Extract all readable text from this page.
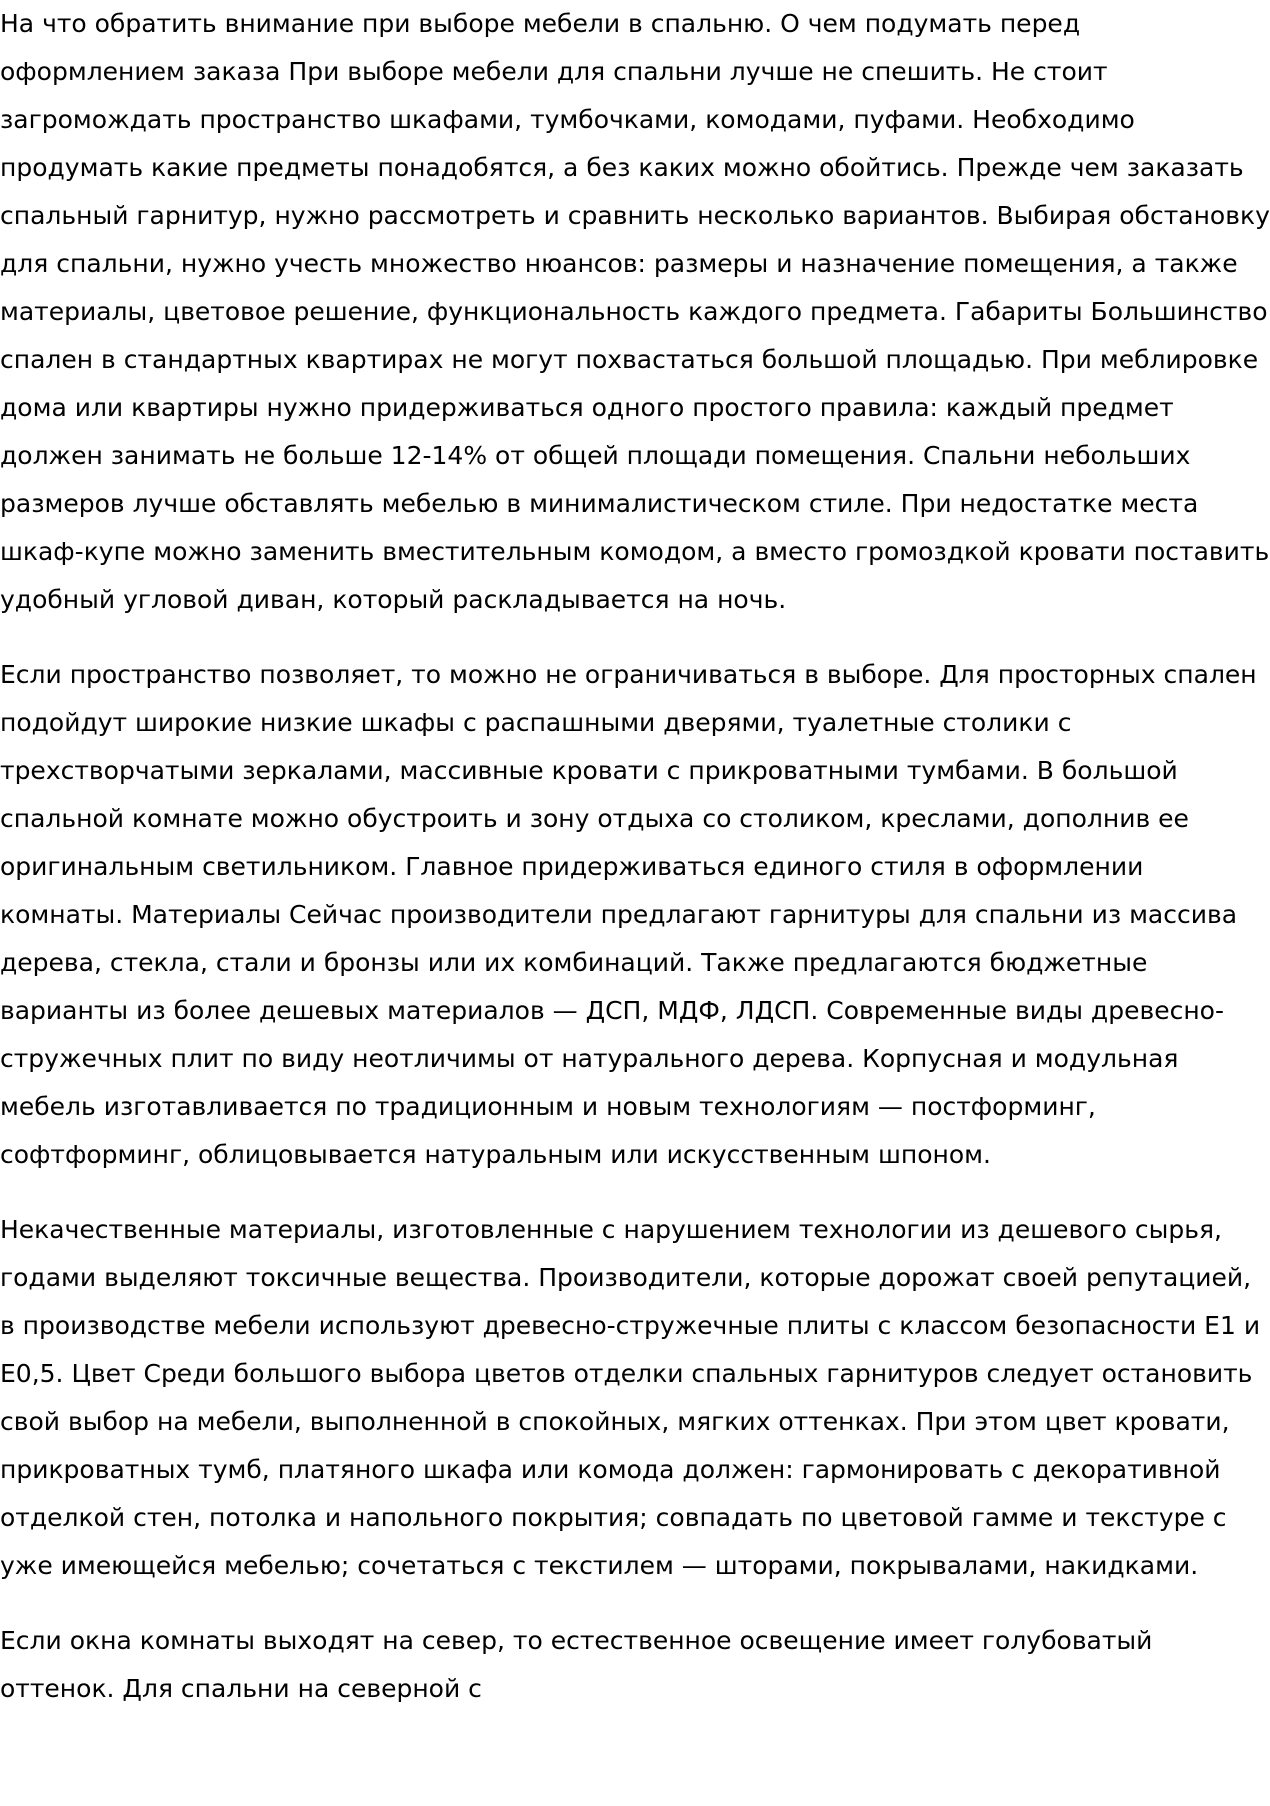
На что обратить внимание при выборе мебели в спальню. О чем подумать перед оформлением заказа При выборе мебели для спальни лучше не спешить. Не стоит загромождать пространство шкафами, тумбочками, комодами, пуфами. Необходимо продумать какие предметы понадобятся, а без каких можно обойтись. Прежде чем заказать спальный гарнитур, нужно рассмотреть и сравнить несколько вариантов. Выбирая обстановку для спальни, нужно учесть множество нюансов: размеры и назначение помещения, а также материалы, цветовое решение, функциональность каждого предмета. Габариты Большинство спален в стандартных квартирах не могут похвастаться большой площадью. При меблировке дома или квартиры нужно придерживаться одного простого правила: каждый предмет должен занимать не больше 12-14% от общей площади помещения. Спальни небольших размеров лучше обставлять мебелью в минималистическом стиле. При недостатке места шкаф-купе можно заменить вместительным комодом, а вместо громоздкой кровати поставить удобный угловой диван, который раскладывается на ночь.

Если пространство позволяет, то можно не ограничиваться в выборе. Для просторных спален подойдут широкие низкие шкафы с распашными дверями, туалетные столики с трехстворчатыми зеркалами, массивные кровати с прикроватными тумбами. В большой спальной комнате можно обустроить и зону отдыха со столиком, креслами, дополнив ее оригинальным светильником. Главное придерживаться единого стиля в оформлении комнаты. Материалы Сейчас производители предлагают гарнитуры для спальни из массива дерева, стекла, стали и бронзы или их комбинаций. Также предлагаются бюджетные варианты из более дешевых материалов — ДСП, МДФ, ЛДСП. Современные виды древесно-стружечных плит по виду неотличимы от натурального дерева. Корпусная и модульная мебель изготавливается по традиционным и новым технологиям — постформинг, софтформинг, облицовывается натуральным или искусственным шпоном.

Некачественные материалы, изготовленные с нарушением технологии из дешевого сырья, годами выделяют токсичные вещества. Производители, которые дорожат своей репутацией, в производстве мебели используют древесно-стружечные плиты с классом безопасности Е1 и Е0,5. Цвет Среди большого выбора цветов отделки спальных гарнитуров следует остановить свой выбор на мебели, выполненной в спокойных, мягких оттенках. При этом цвет кровати, прикроватных тумб, платяного шкафа или комода должен: гармонировать с декоративной отделкой стен, потолка и напольного покрытия; совпадать по цветовой гамме и текстуре с уже имеющейся мебелью; сочетаться с текстилем — шторами, покрывалами, накидками.

Если окна комнаты выходят на север, то естественное освещение имеет голубоватый оттенок. Для спальни на северной с
